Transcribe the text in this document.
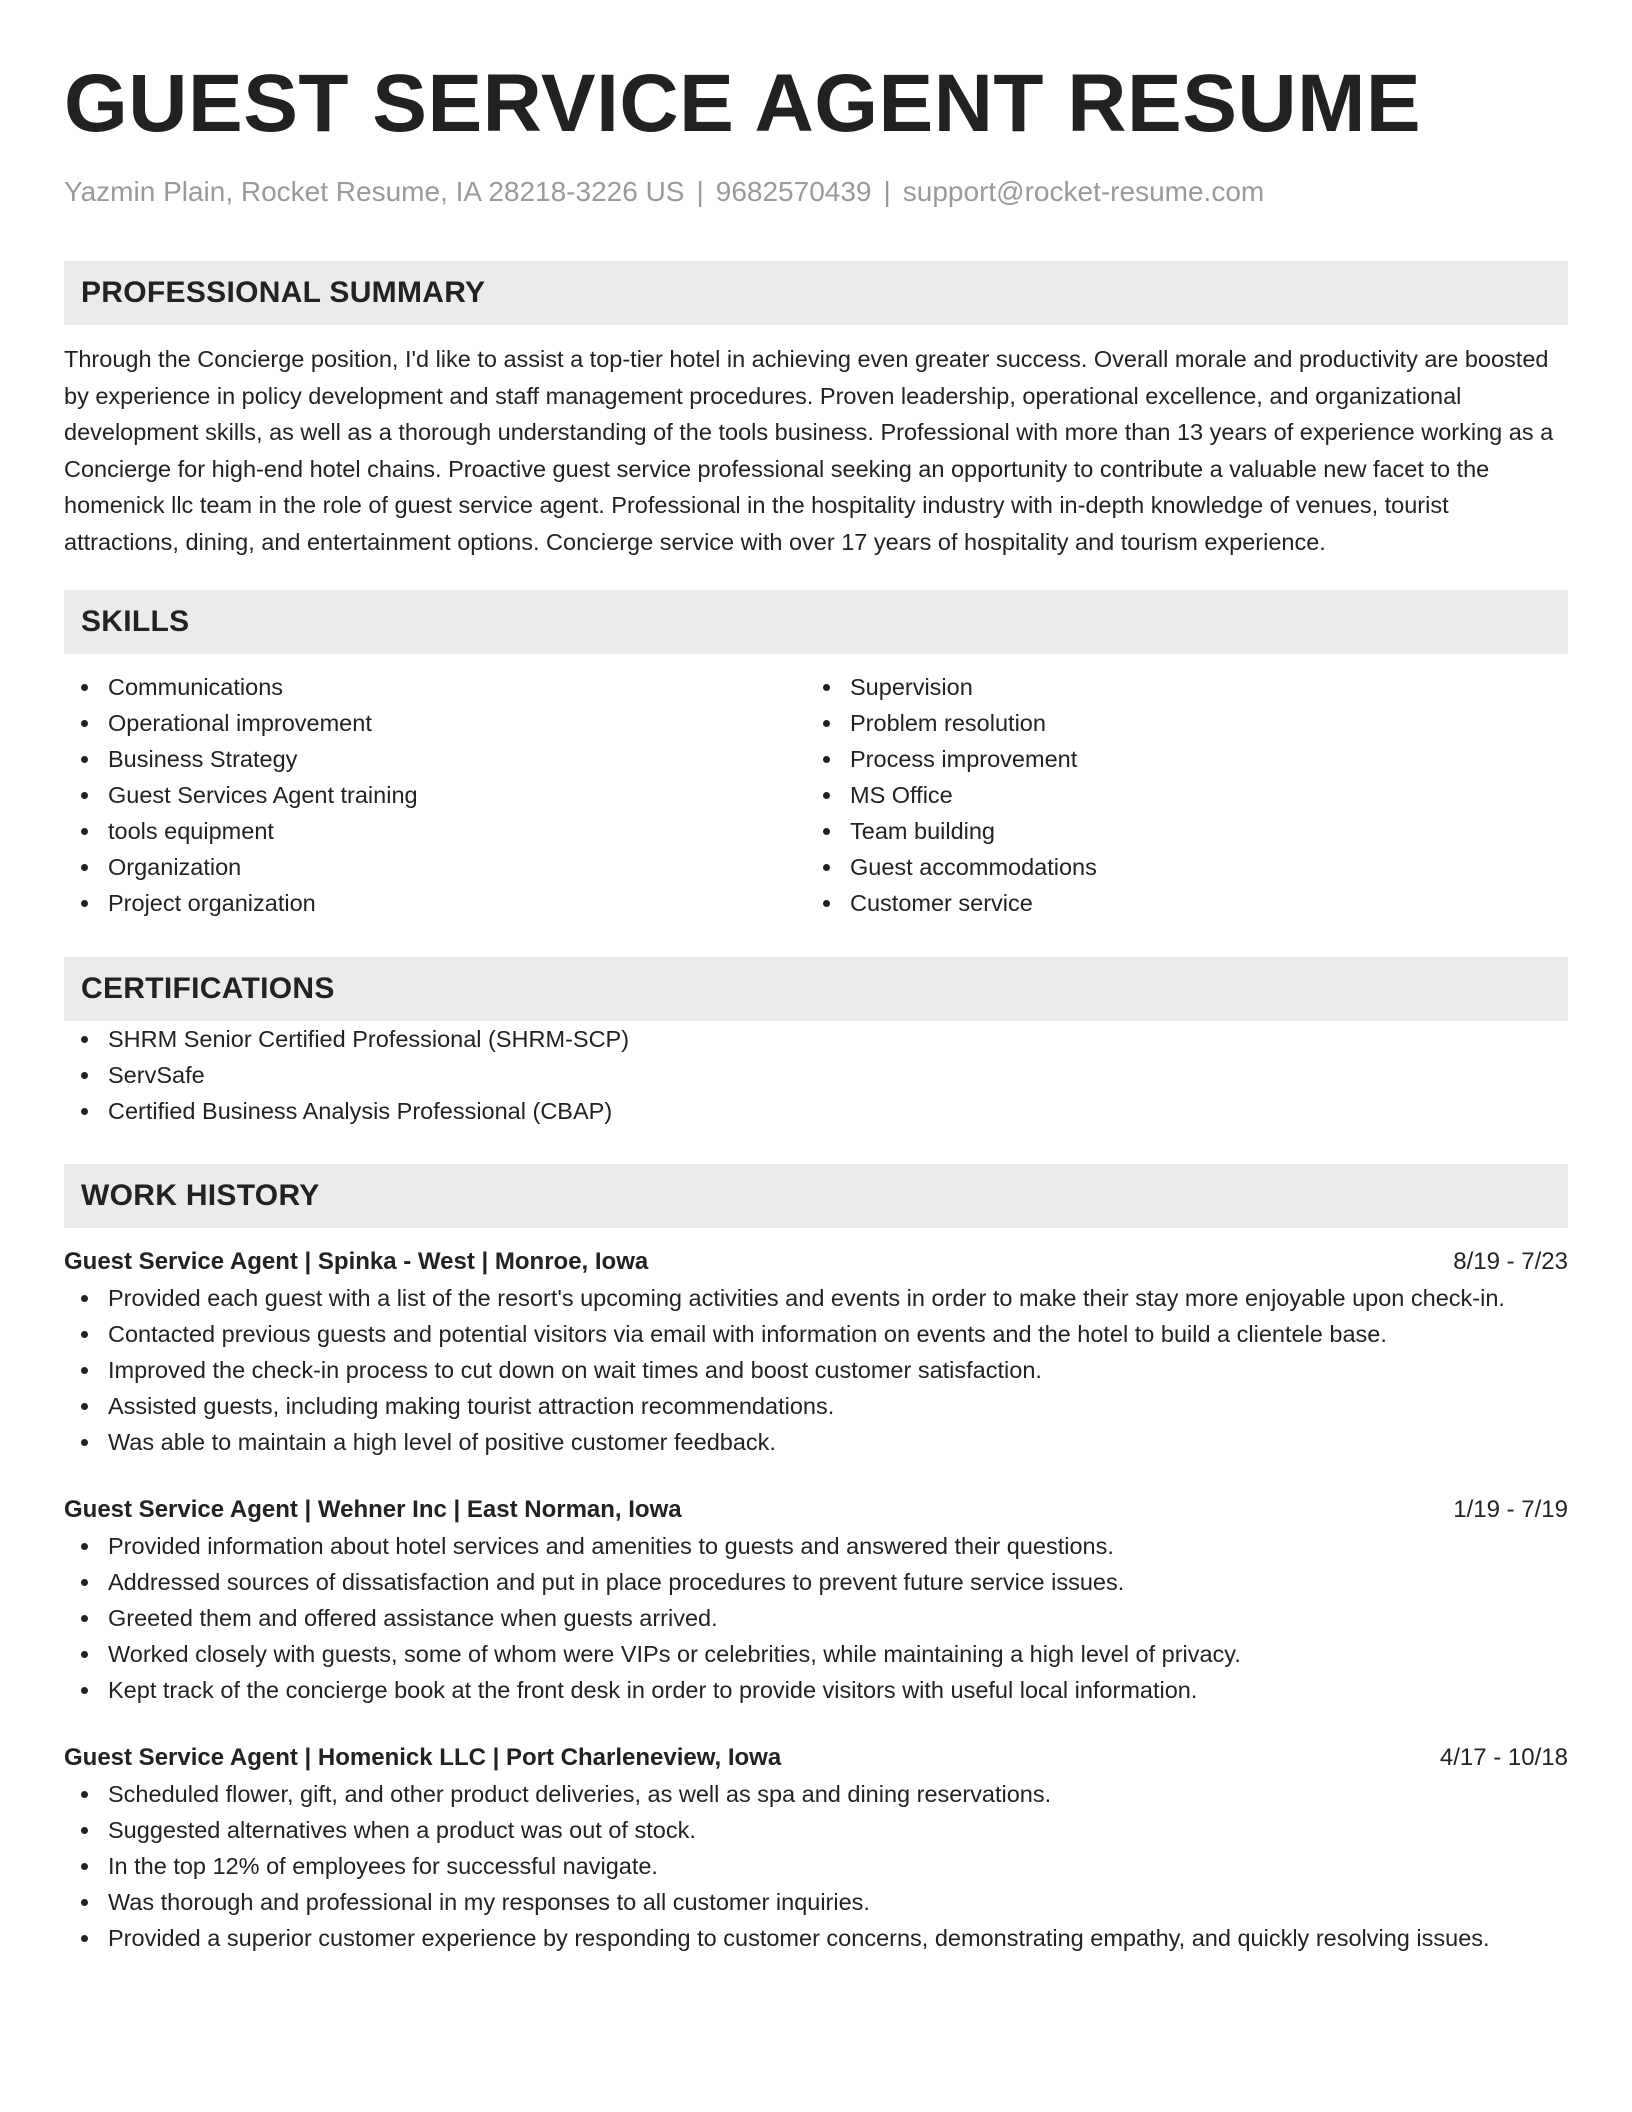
GUEST SERVICE AGENT RESUME
Yazmin Plain, Rocket Resume, IA 28218-3226 US | 9682570439 | support@rocket-resume.com
PROFESSIONAL SUMMARY
Through the Concierge position, I'd like to assist a top-tier hotel in achieving even greater success. Overall morale and productivity are boosted by experience in policy development and staff management procedures. Proven leadership, operational excellence, and organizational development skills, as well as a thorough understanding of the tools business. Professional with more than 13 years of experience working as a Concierge for high-end hotel chains. Proactive guest service professional seeking an opportunity to contribute a valuable new facet to the homenick llc team in the role of guest service agent. Professional in the hospitality industry with in-depth knowledge of venues, tourist attractions, dining, and entertainment options. Concierge service with over 17 years of hospitality and tourism experience.
SKILLS
Communications
Operational improvement
Business Strategy
Guest Services Agent training
tools equipment
Organization
Project organization
Supervision
Problem resolution
Process improvement
MS Office
Team building
Guest accommodations
Customer service
CERTIFICATIONS
SHRM Senior Certified Professional (SHRM-SCP)
ServSafe
Certified Business Analysis Professional (CBAP)
WORK HISTORY
Guest Service Agent | Spinka - West | Monroe, Iowa	8/19 - 7/23
Provided each guest with a list of the resort's upcoming activities and events in order to make their stay more enjoyable upon check-in.
Contacted previous guests and potential visitors via email with information on events and the hotel to build a clientele base.
Improved the check-in process to cut down on wait times and boost customer satisfaction.
Assisted guests, including making tourist attraction recommendations.
Was able to maintain a high level of positive customer feedback.
Guest Service Agent | Wehner Inc | East Norman, Iowa	1/19 - 7/19
Provided information about hotel services and amenities to guests and answered their questions.
Addressed sources of dissatisfaction and put in place procedures to prevent future service issues.
Greeted them and offered assistance when guests arrived.
Worked closely with guests, some of whom were VIPs or celebrities, while maintaining a high level of privacy.
Kept track of the concierge book at the front desk in order to provide visitors with useful local information.
Guest Service Agent | Homenick LLC | Port Charleneview, Iowa	4/17 - 10/18
Scheduled flower, gift, and other product deliveries, as well as spa and dining reservations.
Suggested alternatives when a product was out of stock.
In the top 12% of employees for successful navigate.
Was thorough and professional in my responses to all customer inquiries.
Provided a superior customer experience by responding to customer concerns, demonstrating empathy, and quickly resolving issues.
